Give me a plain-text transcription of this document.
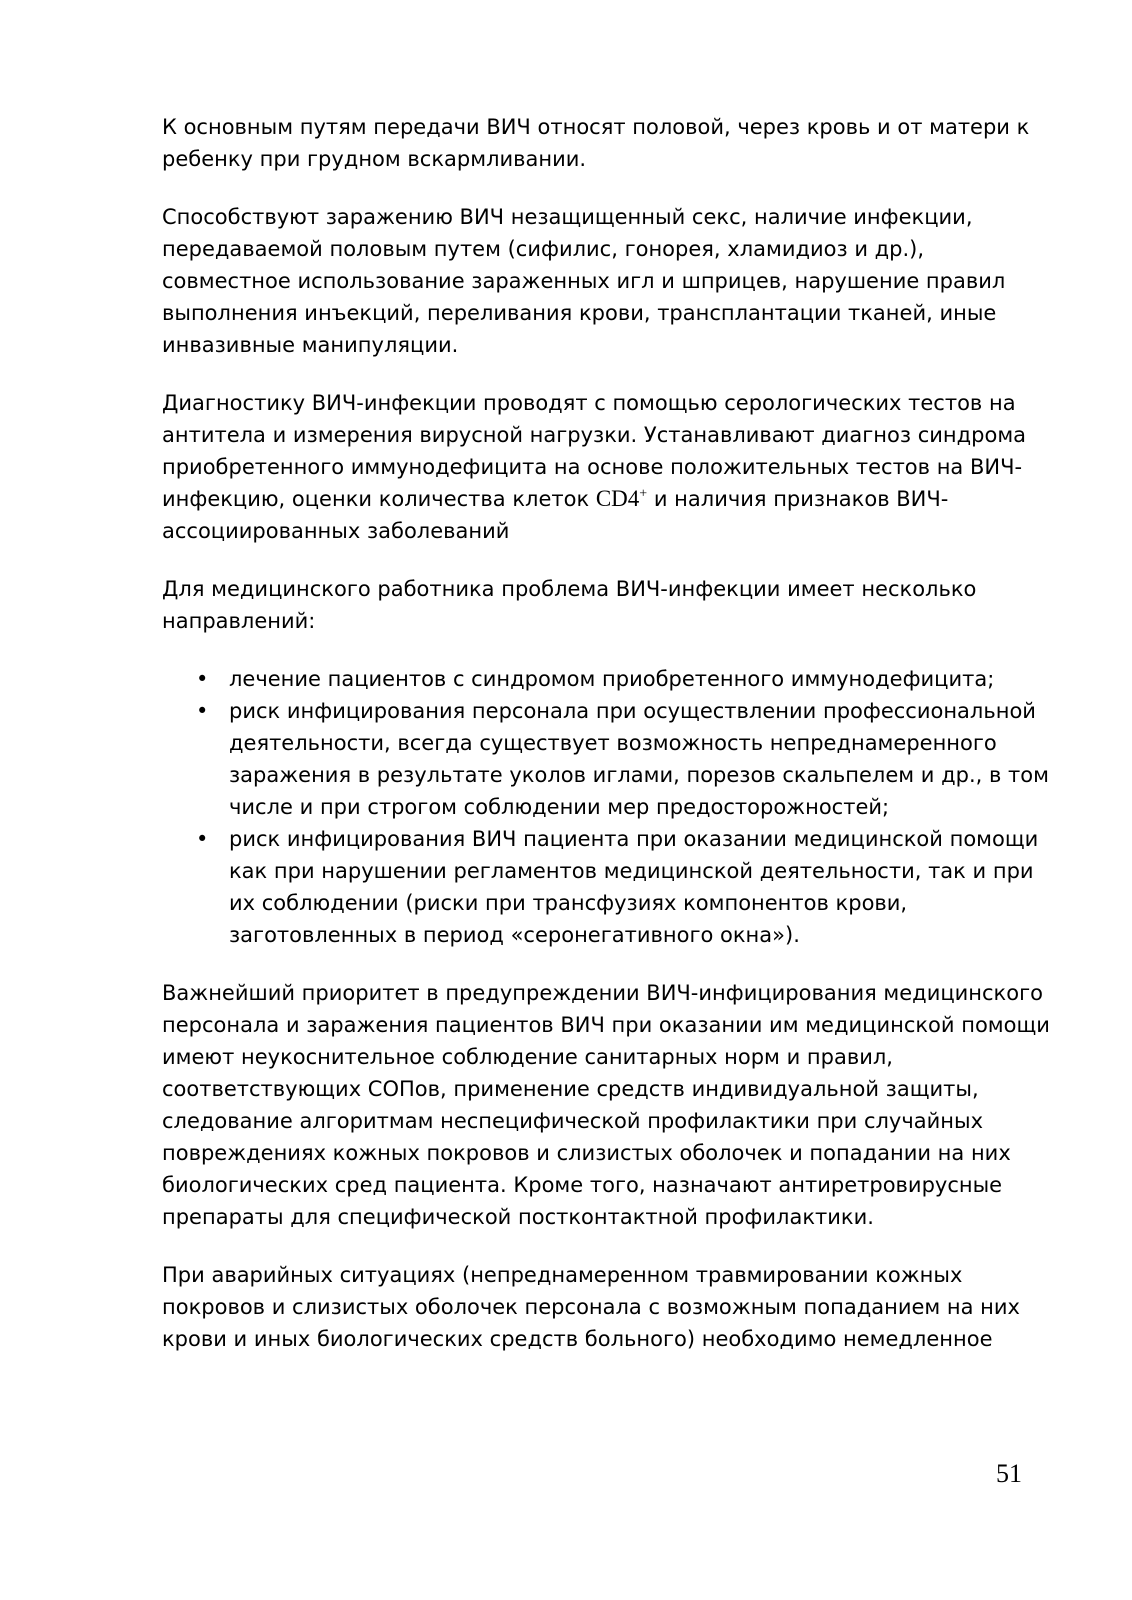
К основным путям передачи ВИЧ относят половой, через кровь и от матери к ребенку при грудном вскармливании.

Способствуют заражению ВИЧ незащищенный секс, наличие инфекции, передаваемой половым путем (сифилис, гонорея, хламидиоз и др.), совместное использование зараженных игл и шприцев, нарушение правил выполнения инъекций, переливания крови, трансплантации тканей, иные инвазивные манипуляции.

Диагностику ВИЧ-инфекции проводят с помощью серологических тестов на антитела и измерения вирусной нагрузки. Устанавливают диагноз синдрома приобретенного иммунодефицита на основе положительных тестов на ВИЧ-инфекцию, оценки количества клеток CD4+ и наличия признаков ВИЧ-ассоциированных заболеваний

Для медицинского работника проблема ВИЧ-инфекции имеет несколько направлений:

• лечение пациентов с синдромом приобретенного иммунодефицита;
• риск инфицирования персонала при осуществлении профессиональной деятельности, всегда существует возможность непреднамеренного заражения в результате уколов иглами, порезов скальпелем и др., в том числе и при строгом соблюдении мер предосторожностей;
• риск инфицирования ВИЧ пациента при оказании медицинской помощи как при нарушении регламентов медицинской деятельности, так и при их соблюдении (риски при трансфузиях компонентов крови, заготовленных в период «серонегативного окна»).

Важнейший приоритет в предупреждении ВИЧ-инфицирования медицинского персонала и заражения пациентов ВИЧ при оказании им медицинской помощи имеют неукоснительное соблюдение санитарных норм и правил, соответствующих СОПов, применение средств индивидуальной защиты, следование алгоритмам неспецифической профилактики при случайных повреждениях кожных покровов и слизистых оболочек и попадании на них биологических сред пациента. Кроме того, назначают антиретровирусные препараты для специфической постконтактной профилактики.

При аварийных ситуациях (непреднамеренном травмировании кожных покровов и слизистых оболочек персонала с возможным попаданием на них крови и иных биологических средств больного) необходимо немедленное

51
